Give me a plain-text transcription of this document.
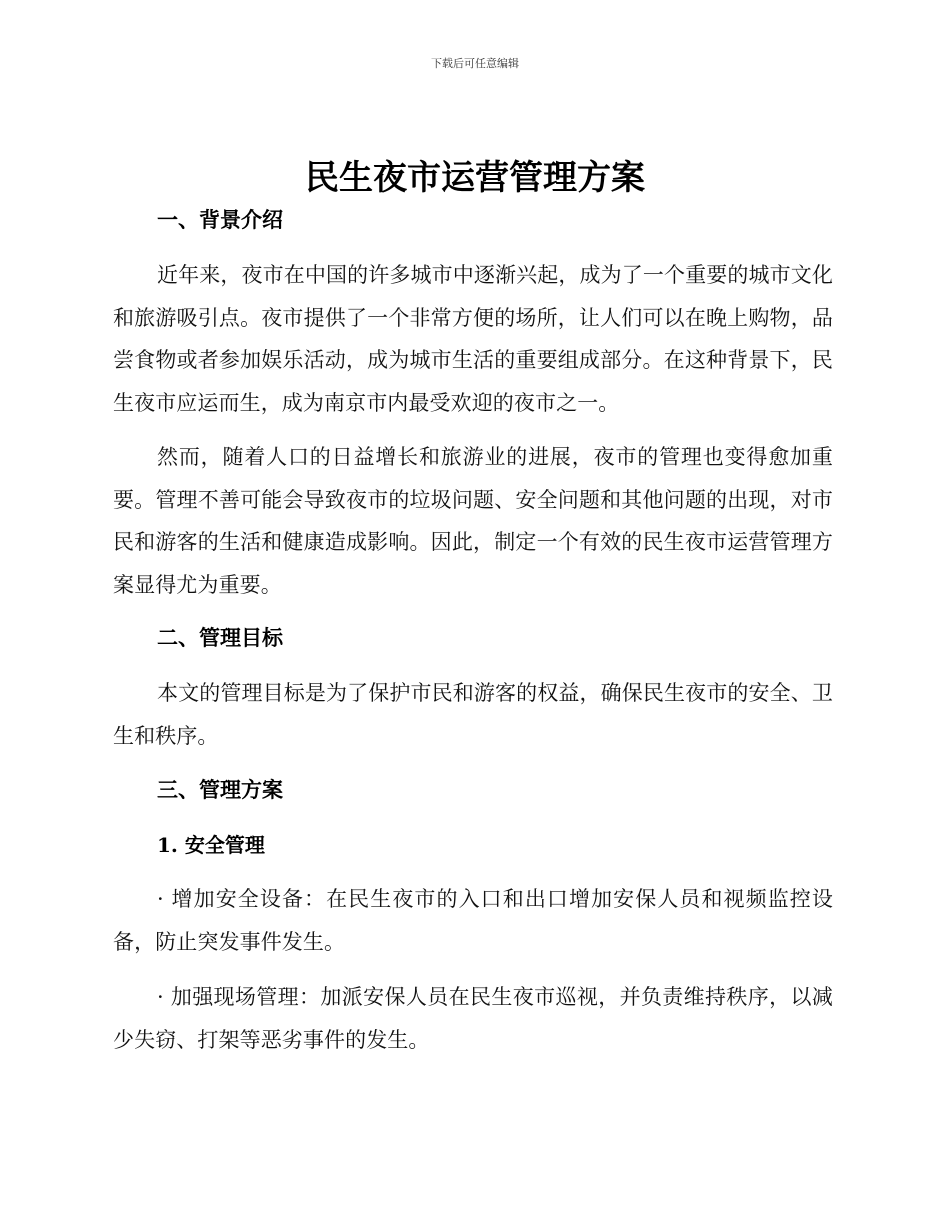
下载后可任意编辑
民生夜市运营管理方案
一、背景介绍

近年来，夜市在中国的许多城市中逐渐兴起，成为了一个重要的城市文化和旅游吸引点。夜市提供了一个非常方便的场所，让人们可以在晚上购物，品尝食物或者参加娱乐活动，成为城市生活的重要组成部分。在这种背景下，民生夜市应运而生，成为南京市内最受欢迎的夜市之一。

然而，随着人口的日益增长和旅游业的进展，夜市的管理也变得愈加重要。管理不善可能会导致夜市的垃圾问题、安全问题和其他问题的出现，对市民和游客的生活和健康造成影响。因此，制定一个有效的民生夜市运营管理方案显得尤为重要。

二、管理目标

本文的管理目标是为了保护市民和游客的权益，确保民生夜市的安全、卫生和秩序。

三、管理方案
1. 安全管理

· 增加安全设备：在民生夜市的入口和出口增加安保人员和视频监控设备，防止突发事件发生。

· 加强现场管理：加派安保人员在民生夜市巡视，并负责维持秩序，以减少失窃、打架等恶劣事件的发生。
